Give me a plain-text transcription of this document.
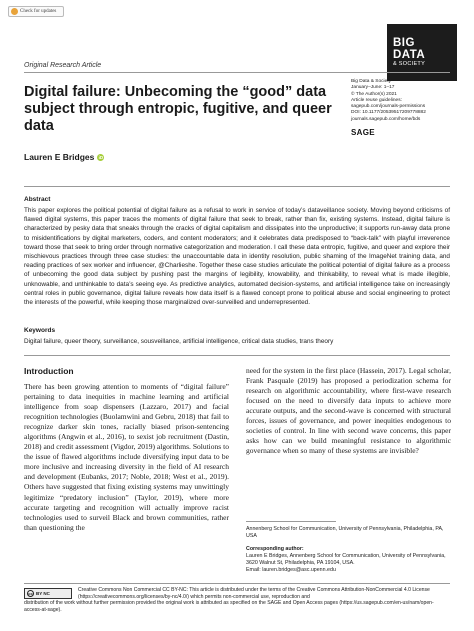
Check for updates
BIG
DATA
& SOCIETY
Original Research Article
Digital failure: Unbecoming the “good” data subject through entropic, fugitive, and queer data
Big Data & Society
January–June: 1–17
© The Author(s) 2021
Article reuse guidelines:
sagepub.com/journals-permissions
DOI: 10.1177/20539517209778882
journals.sagepub.com/home/bds
SAGE
Lauren E Bridges iD
Abstract

This paper explores the political potential of digital failure as a refusal to work in service of today’s dataveillance society. Moving beyond criticisms of flawed digital systems, this paper traces the moments of digital failure that seek to break, rather than fix, existing systems. Instead, digital failure is characterized by pesky data that sneaks through the cracks of digital capitalism and dissipates into the unproductive; it supports run-away data prone to misidentifications by digital marketers, coders, and content moderators; and it celebrates data predisposed to “back-talk” with playful irreverence toward those that seek to bring order through normative categorization and moderation. I call these data entropic, fugitive, and queer and explore their mischievous practices through three case studies: the unaccountable data in identity resolution, public shaming of the ImageNet training data, and reading practices of sex worker and influencer, @Charlieshe. Together these case studies articulate the political potential of digital failure as a process of unbecoming the good data subject by pushing past the margins of legibility, knowability, and thinkability, to reveal what is made illegible, unknowable, and unthinkable to data’s seeing eye. As predictive analytics, automated decision-systems, and artificial intelligence take on increasingly central roles in public governance, digital failure reveals how data itself is a flawed concept prone to political abuse and social engineering to protect the interests of the powerful, while keeping those marginalized over-surveilled and underrepresented.

Keywords

Digital failure, queer theory, surveillance, sousveillance, artificial intelligence, critical data studies, trans theory

Introduction

There has been growing attention to moments of “digital failure” pertaining to data inequities in machine learning and artificial intelligence from soap dispensers (Lazzaro, 2017) and facial recognition technologies (Buolamwini and Gebru, 2018) that fail to recognize darker skin tones, racially biased prison-sentencing algorithms (Angwin et al., 2016), to sexist job recruitment (Dastin, 2018) and credit assessment (Vigdor, 2019) algorithms. Solutions to the issue of flawed algorithms include diversifying input data to be more inclusive and increasing diversity in the field of AI research and development (Eubanks, 2017; Noble, 2018; West et al., 2019). Others have suggested that fixing existing systems may unwittingly legitimize “predatory inclusion” (Taylor, 2019), where more accurate targeting and recognition will actually improve racist technologies used to surveil Black and brown communities, rather than questioning the

need for the system in the first place (Hassein, 2017). Legal scholar, Frank Pasquale (2019) has proposed a periodization schema for research on algorithmic accountability, where first-wave research focused on the need to diversify data inputs to achieve more accurate outputs, and the second-wave is concerned with structural forces, issues of governance, and power inequities endogenous to societies of control. In line with second wave concerns, this paper asks how can we build meaningful resistance to algorithmic governance when so many of these systems are invisible?

Annenberg School for Communication, University of Pennsylvania, Philadelphia, PA, USA
Corresponding author:
Lauren E Bridges, Annenberg School for Communication, University of Pennsylvania, 3620 Walnut St, Philadelphia, PA 19104, USA.
Email: lauren.bridges@asc.upenn.edu
cc BY NC

Creative Commons Non Commercial CC BY-NC: This article is distributed under the terms of the Creative Commons Attribution-NonCommercial 4.0 License (https://creativecommons.org/licenses/by-nc/4.0/) which permits non-commercial use, reproduction and

distribution of the work without further permission provided the original work is attributed as specified on the SAGE and Open Access pages (https://us.sagepub.com/en-us/nam/open-access-at-sage).
